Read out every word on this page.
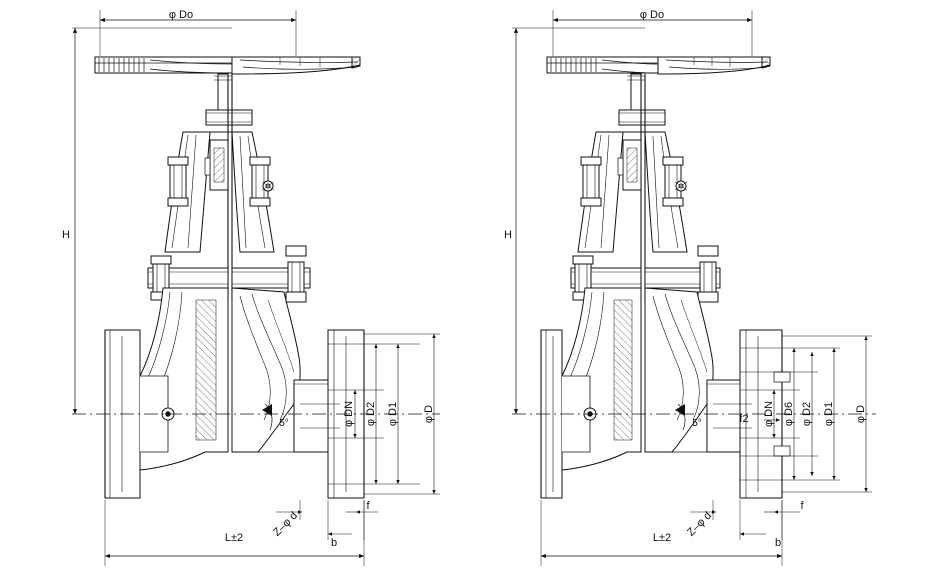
φ Do
H
L±2
5°	φ DN φ D2 φ D1 φ D
Z–φ d
b
f
φ Do
H
L±2
5°	f2 φ DN φ D6 φ D2 φ D1 φ D
Z–φ d
b
f
